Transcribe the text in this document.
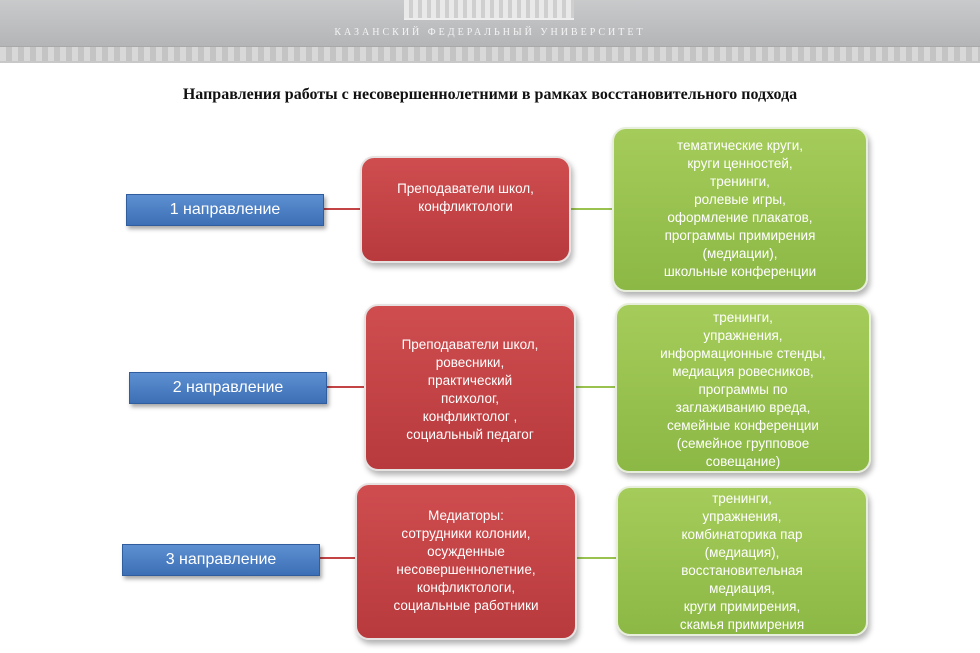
КАЗАНСКИЙ ФЕДЕРАЛЬНЫЙ УНИВЕРСИТЕТ
Направления работы с несовершеннолетними в рамках восстановительного подхода
1 направление
Преподаватели школ,
конфликтологи
тематические круги,
круги ценностей,
тренинги,
ролевые игры,
оформление плакатов,
программы примирения
(медиации),
школьные конференции
2 направление
Преподаватели школ,
ровесники,
практический
психолог,
конфликтолог ,
социальный педагог
тренинги,
упражнения,
информационные стенды,
медиация ровесников,
программы по
заглаживанию вреда,
семейные конференции
(семейное групповое
совещание)
3 направление
Медиаторы:
сотрудники колонии,
осужденные
несовершеннолетние,
конфликтологи,
социальные работники
тренинги,
упражнения,
комбинаторика пар
(медиация),
восстановительная
медиация,
круги примирения,
скамья примирения
